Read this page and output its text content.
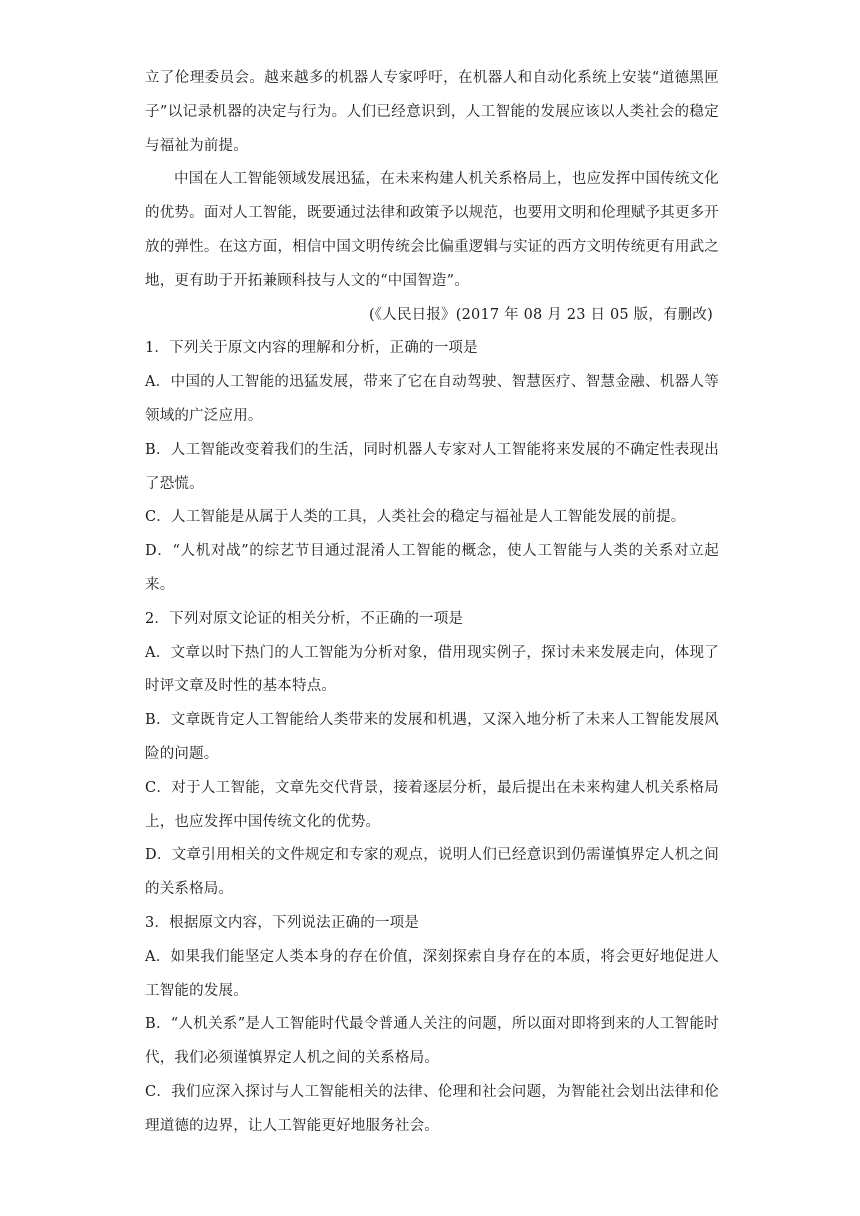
立了伦理委员会。越来越多的机器人专家呼吁，在机器人和自动化系统上安装“道德黑匣子”以记录机器的决定与行为。人们已经意识到，人工智能的发展应该以人类社会的稳定与福祉为前提。

中国在人工智能领域发展迅猛，在未来构建人机关系格局上，也应发挥中国传统文化的优势。面对人工智能，既要通过法律和政策予以规范，也要用文明和伦理赋予其更多开放的弹性。在这方面，相信中国文明传统会比偏重逻辑与实证的西方文明传统更有用武之地，更有助于开拓兼顾科技与人文的“中国智造”。

(《人民日报》(2017 年 08 月 23 日 05 版，有删改)

1．下列关于原文内容的理解和分析，正确的一项是

A．中国的人工智能的迅猛发展，带来了它在自动驾驶、智慧医疗、智慧金融、机器人等领域的广泛应用。

B．人工智能改变着我们的生活，同时机器人专家对人工智能将来发展的不确定性表现出了恐慌。

C．人工智能是从属于人类的工具，人类社会的稳定与福祉是人工智能发展的前提。

D．“人机对战”的综艺节目通过混淆人工智能的概念，使人工智能与人类的关系对立起来。

2．下列对原文论证的相关分析，不正确的一项是

A．文章以时下热门的人工智能为分析对象，借用现实例子，探讨未来发展走向，体现了时评文章及时性的基本特点。

B．文章既肯定人工智能给人类带来的发展和机遇，又深入地分析了未来人工智能发展风险的问题。

C．对于人工智能，文章先交代背景，接着逐层分析，最后提出在未来构建人机关系格局上，也应发挥中国传统文化的优势。

D．文章引用相关的文件规定和专家的观点，说明人们已经意识到仍需谨慎界定人机之间的关系格局。

3．根据原文内容，下列说法正确的一项是

A．如果我们能坚定人类本身的存在价值，深刻探索自身存在的本质，将会更好地促进人工智能的发展。

B．“人机关系”是人工智能时代最令普通人关注的问题，所以面对即将到来的人工智能时代，我们必须谨慎界定人机之间的关系格局。

C．我们应深入探讨与人工智能相关的法律、伦理和社会问题，为智能社会划出法律和伦理道德的边界，让人工智能更好地服务社会。
